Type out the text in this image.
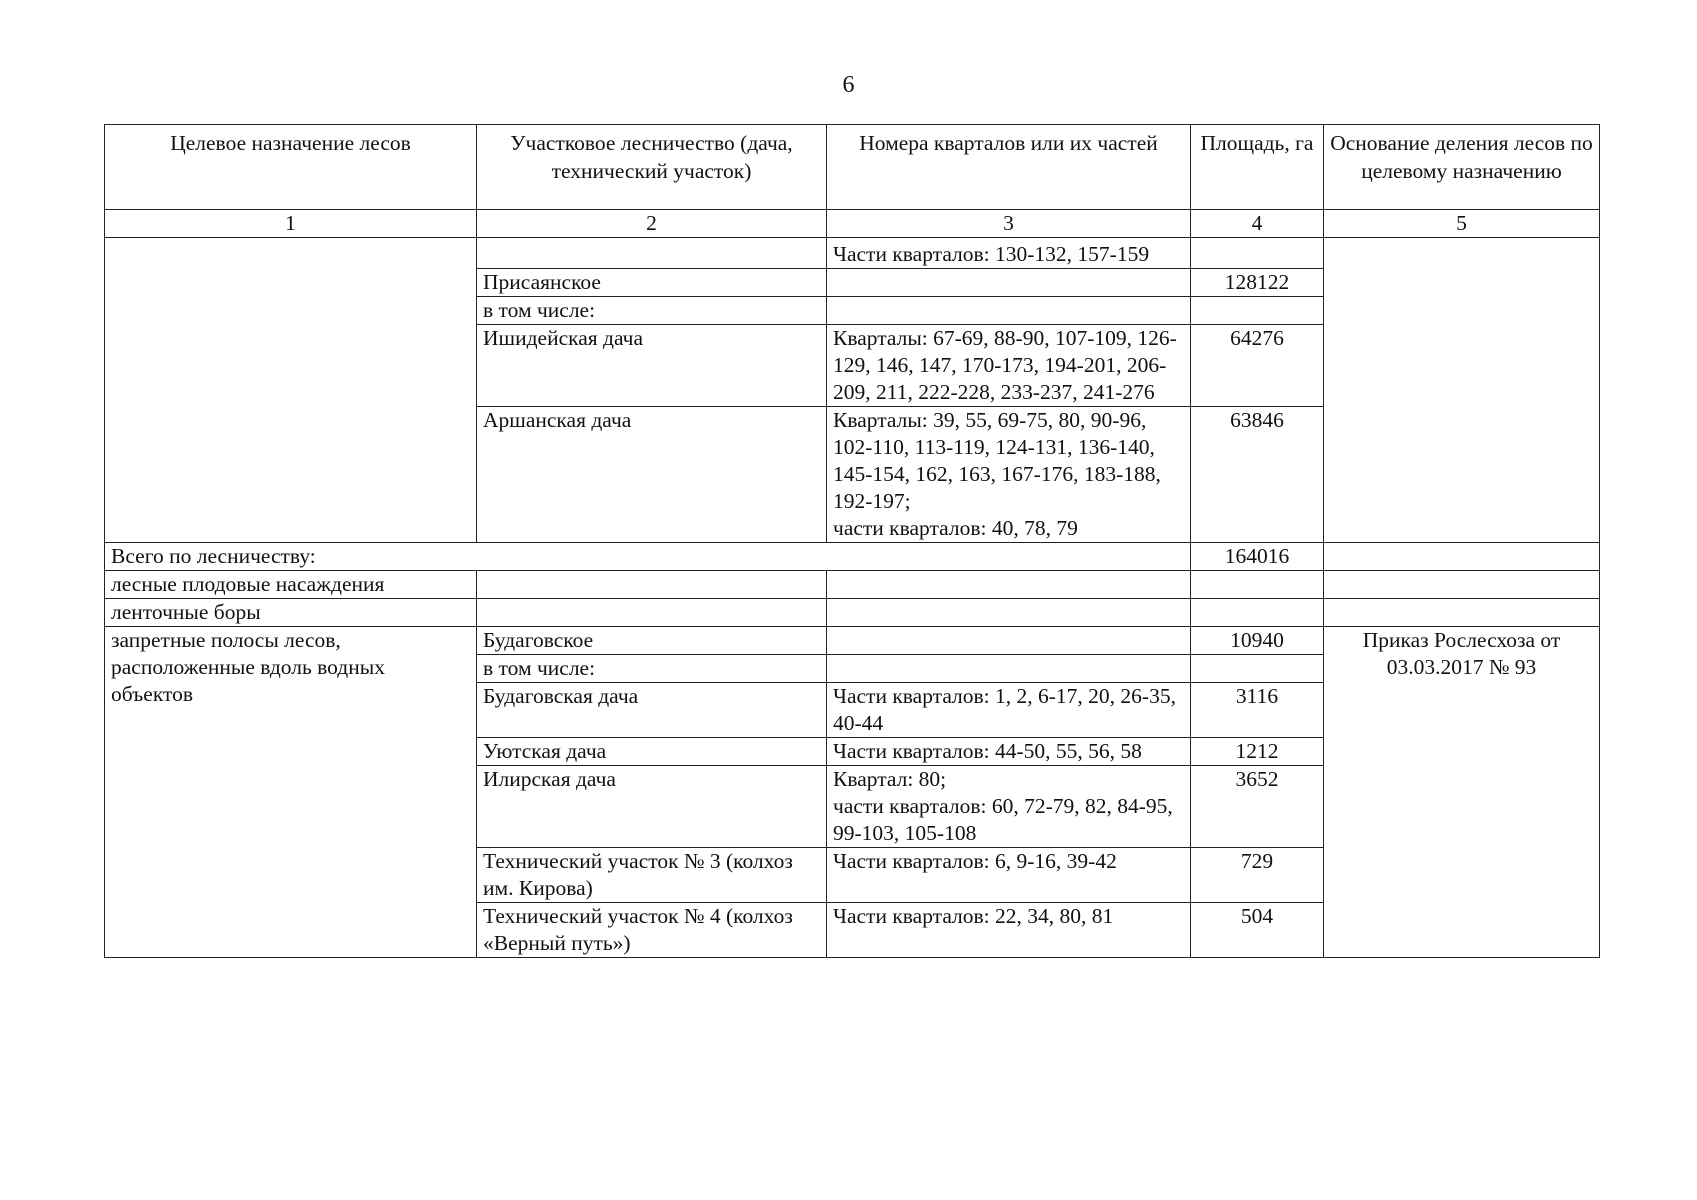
6
Целевое назначение лесов	Участковое лесничество (дача, технический участок)	Номера кварталов или их частей	Площадь, га	Основание деления лесов по целевому назначению
1	2	3	4	5
		Части кварталов: 130-132, 157-159		
	Присаянское		128122	
	в том числе:			
	Ишидейская дача	Кварталы: 67-69, 88-90, 107-109, 126-129, 146, 147, 170-173, 194-201, 206-209, 211, 222-228, 233-237, 241-276	64276	
	Аршанская дача	Кварталы: 39, 55, 69-75, 80, 90-96, 102-110, 113-119, 124-131, 136-140, 145-154, 162, 163, 167-176, 183-188, 192-197;
части кварталов: 40, 78, 79	63846	
Всего по лесничеству:			164016	
лесные плодовые насаждения				
ленточные боры				
запретные полосы лесов, расположенные вдоль водных объектов	Будаговское		10940	Приказ Рослесхоза от 03.03.2017 № 93
	в том числе:			
	Будаговская дача	Части кварталов: 1, 2, 6-17, 20, 26-35, 40-44	3116	
	Уютская дача	Части кварталов: 44-50, 55, 56, 58	1212	
	Илирская дача	Квартал: 80;
части кварталов: 60, 72-79, 82, 84-95, 99-103, 105-108	3652	
	Технический участок № 3 (колхоз им. Кирова)	Части кварталов: 6, 9-16, 39-42	729	
	Технический участок № 4 (колхоз «Верный путь»)	Части кварталов: 22, 34, 80, 81	504	
